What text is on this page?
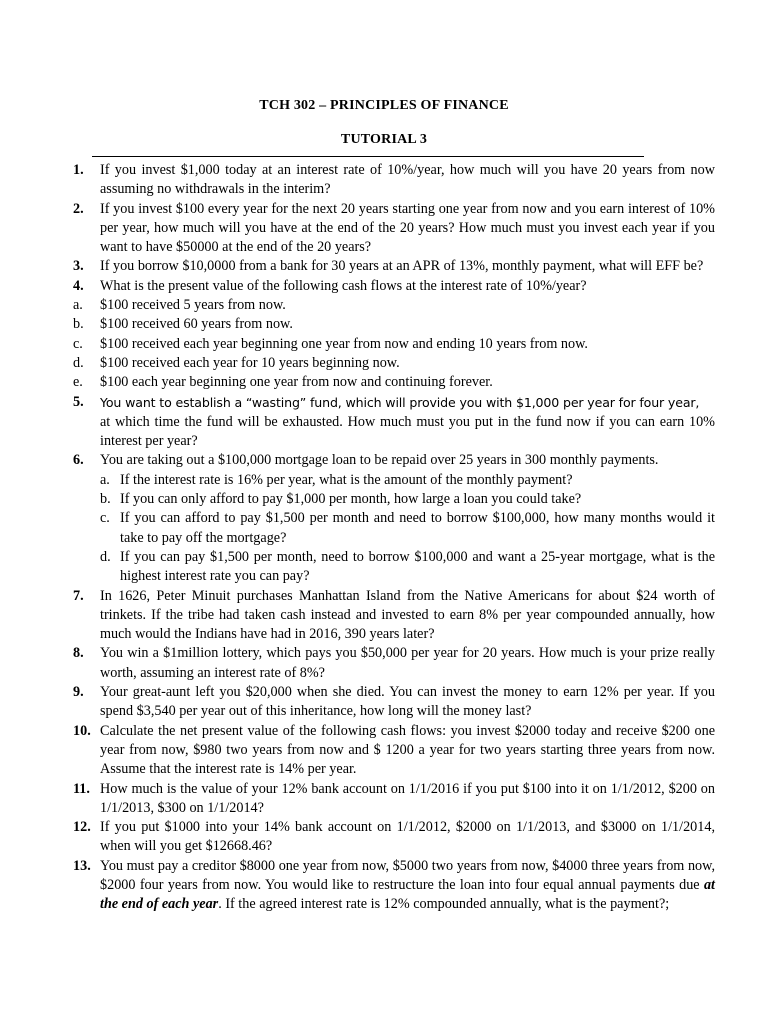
TCH 302 – PRINCIPLES OF FINANCE
TUTORIAL 3
1.	If you invest $1,000 today at an interest rate of 10%/year, how much will you have 20 years from now assuming no withdrawals in the interim?
2.	If you invest $100 every year for the next 20 years starting one year from now and you earn interest of 10% per year, how much will you have at the end of the 20 years? How much must you invest each year if you want to have $50000 at the end of the 20 years?
3.	If you borrow $10,0000 from a bank for 30 years at an APR of 13%, monthly payment, what will EFF be?
4.	What is the present value of the following cash flows at the interest rate of 10%/year?
a.	$100 received 5 years from now.
b.	$100 received 60 years from now.
c.	$100 received each year beginning one year from now and ending 10 years from now.
d.	$100 received each year for 10 years beginning now.
e.	$100 each year beginning one year from now and continuing forever.
5.	You want to establish a “wasting” fund, which will provide you with $1,000 per year for four year,
at which time the fund will be exhausted. How much must you put in the fund now if you can earn 10% interest per year?
6.	You are taking out a $100,000 mortgage loan to be repaid over 25 years in 300 monthly payments.
a. If the interest rate is 16% per year, what is the amount of the monthly payment?
b. If you can only afford to pay $1,000 per month, how large a loan you could take?
c. If you can afford to pay $1,500 per month and need to borrow $100,000, how many months would it take to pay off the mortgage?
d. If you can pay $1,500 per month, need to borrow $100,000 and want a 25-year mortgage, what is the highest interest rate you can pay?
7.	In 1626, Peter Minuit purchases Manhattan Island from the Native Americans for about $24 worth of trinkets. If the tribe had taken cash instead and invested to earn 8% per year compounded annually, how much would the Indians have had in 2016, 390 years later?
8.	You win a $1million lottery, which pays you $50,000 per year for 20 years. How much is your prize really worth, assuming an interest rate of 8%?
9.	Your great-aunt left you $20,000 when she died. You can invest the money to earn 12% per year. If you spend $3,540 per year out of this inheritance, how long will the money last?
10. Calculate the net present value of the following cash flows: you invest $2000 today and receive $200 one year from now, $980 two years from now and $ 1200 a year for two years starting three years from now. Assume that the interest rate is 14% per year.
11. How much is the value of your 12% bank account on 1/1/2016 if you put $100 into it on 1/1/2012, $200 on 1/1/2013, $300 on 1/1/2014?
12. If you put $1000 into your 14% bank account on 1/1/2012, $2000 on 1/1/2013, and $3000 on 1/1/2014, when will you get $12668.46?
13. You must pay a creditor $8000 one year from now, $5000 two years from now, $4000 three years from now, $2000 four years from now. You would like to restructure the loan into four equal annual payments due at the end of each year. If the agreed interest rate is 12% compounded annually, what is the payment?;
